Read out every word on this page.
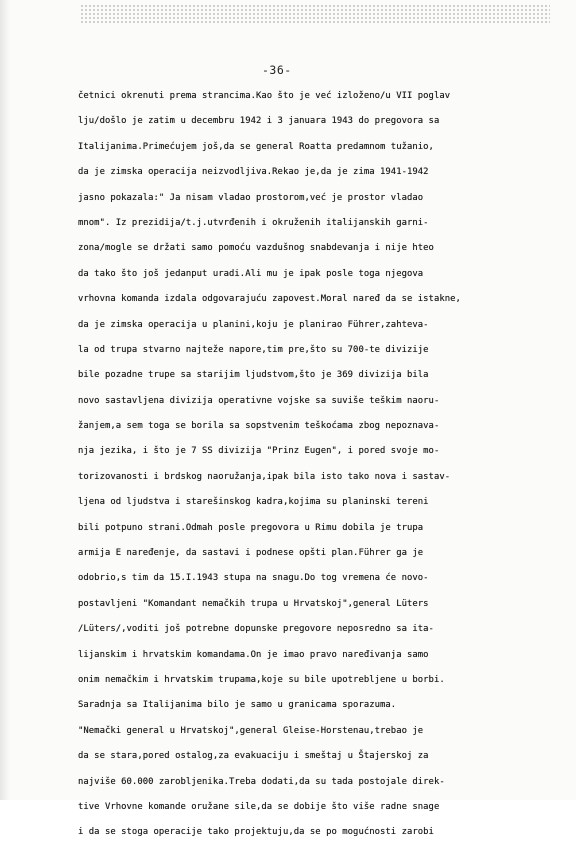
-36-
četnici okrenuti prema strancima.Kao što je već izloženo/u VII poglav
lju/došlo je zatim u decembru 1942 i 3 januara 1943 do pregovora sa
Italijanima.Primećujem još,da se general Roatta predamnom tužanio,
da je zimska operacija neizvodljiva.Rekao je,da je zima 1941-1942
jasno pokazala:" Ja nisam vladao prostorom,već je prostor vladao
mnom". Iz prezidija/t.j.utvrđenih i okruženih italijanskih garni-
zona/mogle se držati samo pomoću vazdušnog snabdevanja i nije htео
da tako što još jedanput uradi.Ali mu je ipak posle toga njegova
vrhovna komanda izdala odgovarajuću zapovest.Moral naređ da se istakne,
da je zimska operacija u planini,koju je planirao Führer,zahteva-
la od trupa stvarno najteže napore,tim pre,što su 700-te divizije
bile pozadne trupe sa starijim ljudstvom,što je 369 divizija bila
novo sastavljena divizija operativne vojske sa suviše teškim naoru-
žanjem,a sem toga se borila sa sopstvenim teškoćama zbog nepoznava-
nja jezika, i što je 7 SS divizija "Prinz Eugen", i pored svoje mo-
torizovanosti i brdskog naoružanja,ipak bila isto tako nova i sastav-
ljena od ljudstva i starešinskog kadra,kojima su planinski tereni
bili potpuno strani.Odmah posle pregovora u Rimu dobila je trupa
armija E naređenje, da sastavi i podnese opšti plan.Führer ga je
odobrio,s tim da 15.I.1943 stupa na snagu.Do tog vremena će novo-
postavljeni "Komandant nemačkih trupa u Hrvatskoj",general Lüters
/Lüters/,voditi još potrebne dopunske pregovore neposredno sa ita-
lijanskim i hrvatskim komandama.On je imao pravo naređivanja samo
onim nemačkim i hrvatskim trupama,koje su bile upotrebljene u borbi.
Saradnja sa Italijanima bilo je samo u granicama sporazuma.
"Nemački general u Hrvatskoj",general Gleise-Horstenau,trebao je
da se stara,pored ostalog,za evakuaciju i smeštaj u Štajerskoj za
najviše 60.000 zarobljenika.Treba dodati,da su tada postojale direk-
tive Vrhovne komande oružane sile,da se dobije što više radne snage
i da se stoga operacije tako projektuju,da se po mogućnosti zarobi
